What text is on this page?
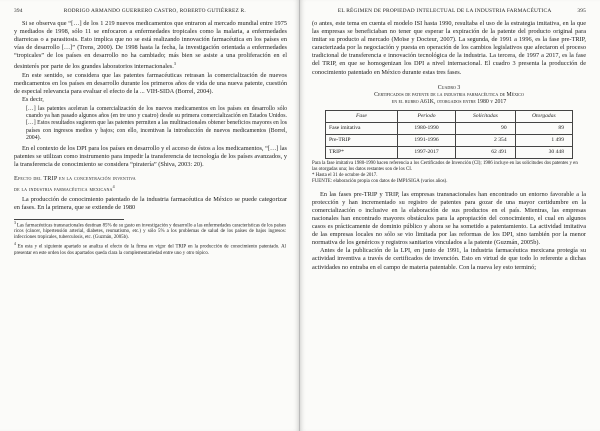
394	RODRIGO ARMANDO GUERRERO CASTRO, ROBERTO GUTIÉRREZ R.

Si se observa que “[…] de los 1 219 nuevos medicamentos que entraron al mercado mundial entre 1975 y mediados de 1998, sólo 11 se enfocaron a enfermedades tropicales como la malaria, a enfermedades diarreicas o a parasitosis. Esto implica que no se está realizando innovación farmacéutica en los países en vías de desarrollo […]” (Trens, 2000). De 1998 hasta la fecha, la investigación orientada a enfermedades “tropicales” de los países en desarrollo no ha cambiado; más bien se asiste a una proliferación en el desinterés por parte de los grandes laboratorios internacionales.$^3$

En este sentido, se considera que las patentes farmacéuticas retrasan la comercialización de nuevos medicamentos en los países en desarrollo durante los primeros años de vida de una nueva patente, cuestión de especial relevancia para evaluar el efecto de la ... VIH-SIDA (Borrel, 2004).

Es decir,

[…] las patentes aceleran la comercialización de los nuevos medicamentos en los países en desarrollo sólo cuando ya han pasado algunos años (en tre uno y cuatro) desde su primera comercialización en Estados Unidos. […] Estos resultados sugieren que las patentes permiten a las multinacionales obtener beneficios mayores en los países con ingresos medios y bajos; con ello, incentivan la introducción de nuevos medicamentos (Borrel, 2004).

En el contexto de los DPI para los países en desarrollo y el acceso de éstos a los medicamentos, “[…] las patentes se utilizan como instrumento para impedir la transferencia de tecnología de los países avanzados, y la transferencia de conocimiento se considera “piratería” (Shiva, 2003: 20).

Efecto del TRIP en la concentración inventiva
de la industria farmacéutica mexicana$^4$

La producción de conocimiento patentado de la industria farmacéutica de México se puede categorizar en fases. En la primera, que se extiende de 1980

$^3$ Las farmacéuticas transnacionales destinan 85% de su gasto en investigación y desarrollo a las enfermedades características de los países ricos (cáncer, hipertensión arterial, diabetes, reumatismo, etc.) y sólo 5% a los problemas de salud de los países de bajos ingresos: infecciones tropicales, tuberculosis, etc. (Guzmán, 2005b).
$^4$ En esta y el siguiente apartado se analiza el efecto de la firma en vigor del TRIP en la producción de conocimiento patentado. Al presentar en este orden los dos apartados queda clara la complementariedad entre uno y otro tópico.
EL RÉGIMEN DE PROPIEDAD INTELECTUAL DE LA INDUSTRIA FARMACÉUTICA	395

(o antes, este tema en cuenta el modelo ISI hasta 1990, resultaba el uso de la estrategia imitativa, en la que las empresas se beneficiaban no tener que esperar la expiración de la patente del producto original para imitar su producto al mercado (Moïse y Docteur, 2007). La segunda, de 1991 a 1996, es la fase pre-TRIP, caracterizada por la negociación y puesta en operación de los cambios legislativos que afectaron el proceso tradicional de transferencia e innovación tecnológica de la industria. La tercera, de 1997 a 2017, es la fase del TRIP, en que se homogenizan los DPI a nivel internacional. El cuadro 3 presenta la producción de conocimiento patentado en México durante estas tres fases.

Cuadro 3
Certificados de patente de la industria farmacéutica de México
en el rubro A61K, otorgados entre 1980 y 2017
Fase	Periodo	Solicitadas	Otorgadas
Fase imitativa	1980-1990	90	89
Pre-TRIP	1991-1996	2 354	1 499
TRIP*	1997-2017	62 491	30 448
Para la fase imitativa 1980-1990 hacen referencia a los Certificados de Invención (CI); 1986 incluye en las solicitudes dos patentes y en las otorgadas una; los datos restantes son de los CI.
* Hasta el 31 de octubre de 2017.
FUENTE: elaboración propia con datos de IMPI/SIGA (varios años).

En las fases pre-TRIP y TRIP, las empresas transnacionales han encontrado un entorno favorable a la protección y han incrementado su registro de patentes para gozar de una mayor certidumbre en la comercialización o inclusive en la elaboración de sus productos en el país. Mientras, las empresas nacionales han encontrado mayores obstáculos para la apropiación del conocimiento, el cual en algunos casos es prácticamente de dominio público y ahora se ha sometido a patentamiento. La actividad imitativa de las empresas locales no sólo se vio limitada por las reformas de los DPI, sino también por la menor normativa de los genéricos y registros sanitarios vinculados a la patente (Guzmán, 2005b).

Antes de la publicación de la LPI, en junio de 1991, la industria farmacéutica mexicana protegía su actividad inventiva a través de certificados de invención. Esto en virtud de que todo lo referente a dichas actividades no entraba en el campo de materia patentable. Con la nueva ley esto terminó;
